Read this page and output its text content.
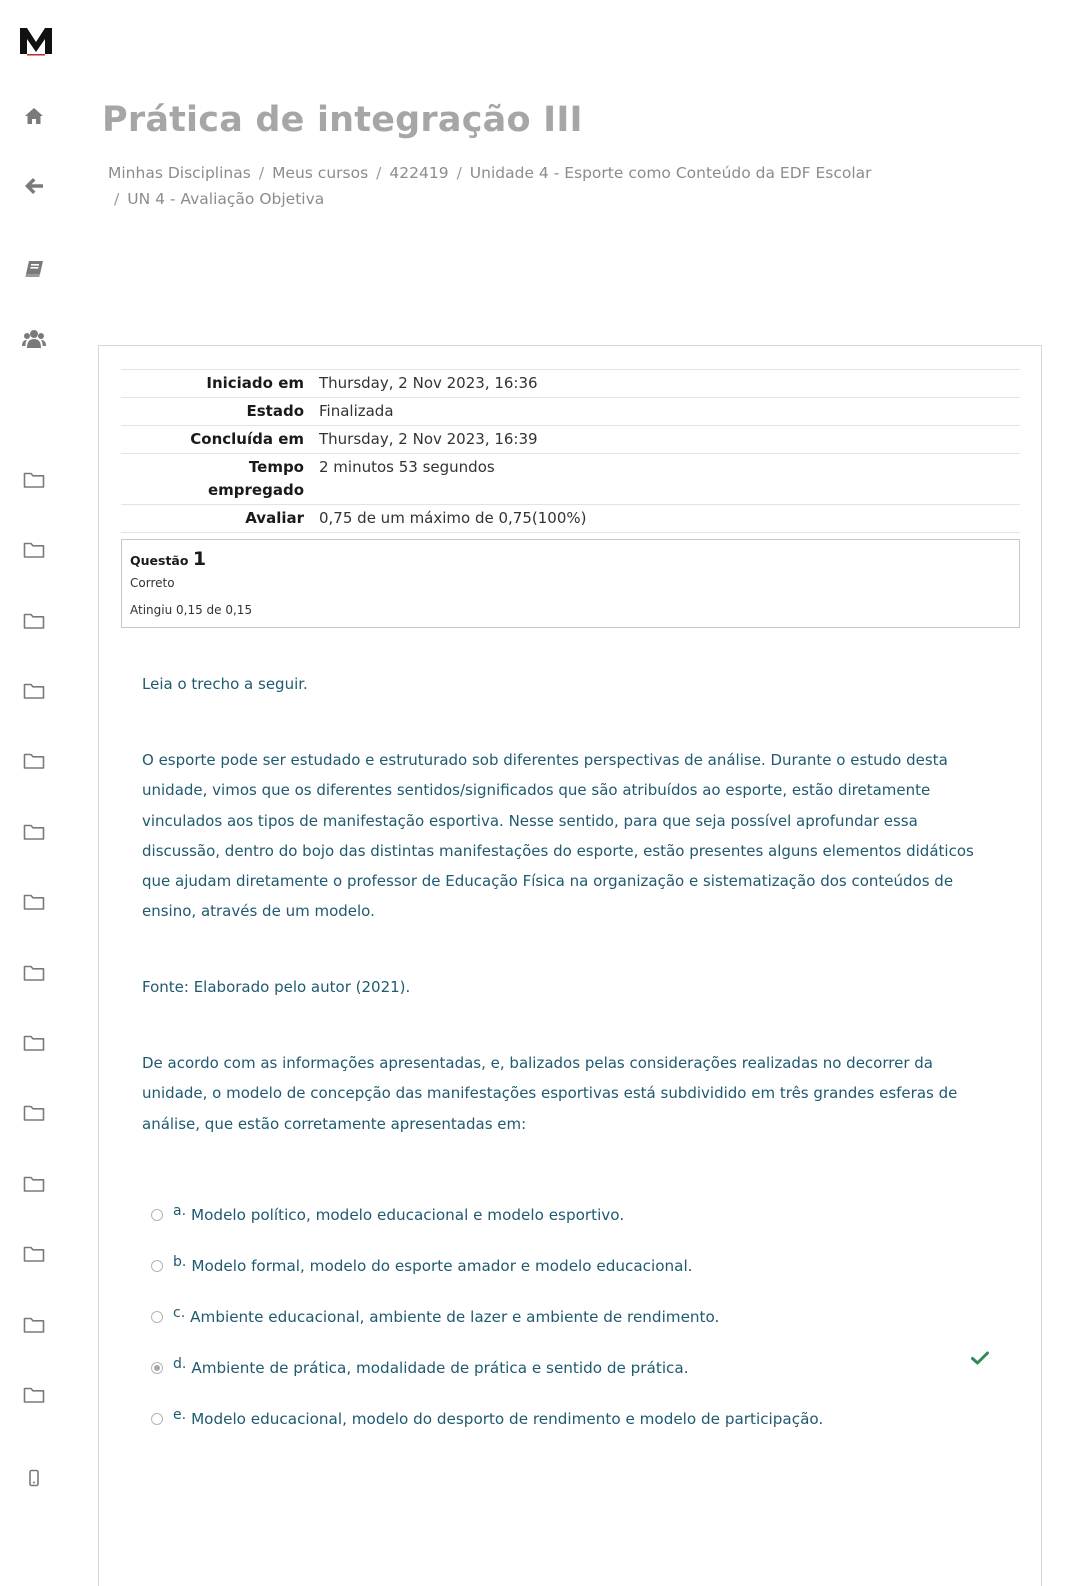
Prática de integração III
Minhas Disciplinas / Meus cursos / 422419 / Unidade 4 - Esporte como Conteúdo da EDF Escolar
/ UN 4 - Avaliação Objetiva
Iniciado em	Thursday, 2 Nov 2023, 16:36
Estado	Finalizada
Concluída em	Thursday, 2 Nov 2023, 16:39
Tempo empregado	2 minutos 53 segundos
Avaliar	0,75 de um máximo de 0,75(100%)
Questão 1
Correto
Atingiu 0,15 de 0,15

Leia o trecho a seguir.

O esporte pode ser estudado e estruturado sob diferentes perspectivas de análise. Durante o estudo desta unidade, vimos que os diferentes sentidos/significados que são atribuídos ao esporte, estão diretamente vinculados aos tipos de manifestação esportiva. Nesse sentido, para que seja possível aprofundar essa discussão, dentro do bojo das distintas manifestações do esporte, estão presentes alguns elementos didáticos que ajudam diretamente o professor de Educação Física na organização e sistematização dos conteúdos de ensino, através de um modelo.

Fonte: Elaborado pelo autor (2021).

De acordo com as informações apresentadas, e, balizados pelas considerações realizadas no decorrer da unidade, o modelo de concepção das manifestações esportivas está subdividido em três grandes esferas de análise, que estão corretamente apresentadas em:

a. Modelo político, modelo educacional e modelo esportivo.
b. Modelo formal, modelo do esporte amador e modelo educacional.
c. Ambiente educacional, ambiente de lazer e ambiente de rendimento.
d. Ambiente de prática, modalidade de prática e sentido de prática.
e. Modelo educacional, modelo do desporto de rendimento e modelo de participação.
